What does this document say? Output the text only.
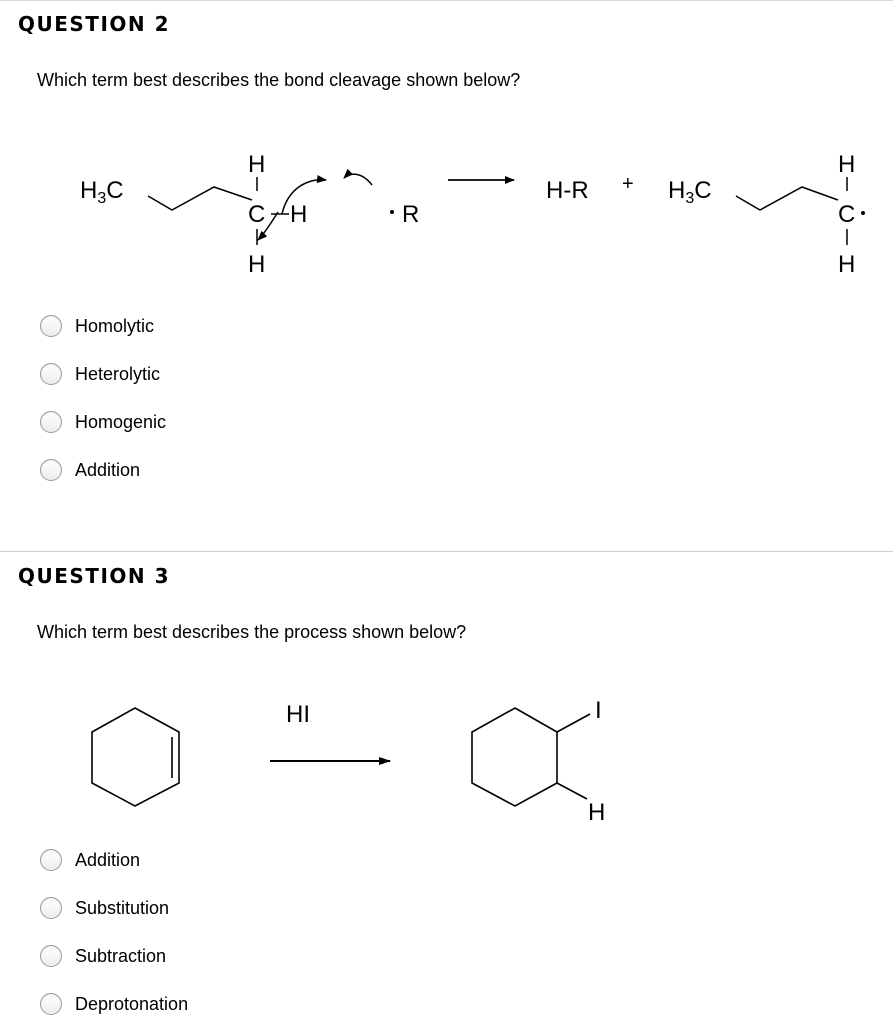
QUESTION 2
Which term best describes the bond cleavage shown below?
$H_3C$
H
C H
H
R
$H-R + H_3C$
H
C
H
Homolytic
Heterolytic
Homogenic
Addition
QUESTION 3
Which term best describes the process shown below?
HI	I
H
Addition
Substitution
Subtraction
Deprotonation
